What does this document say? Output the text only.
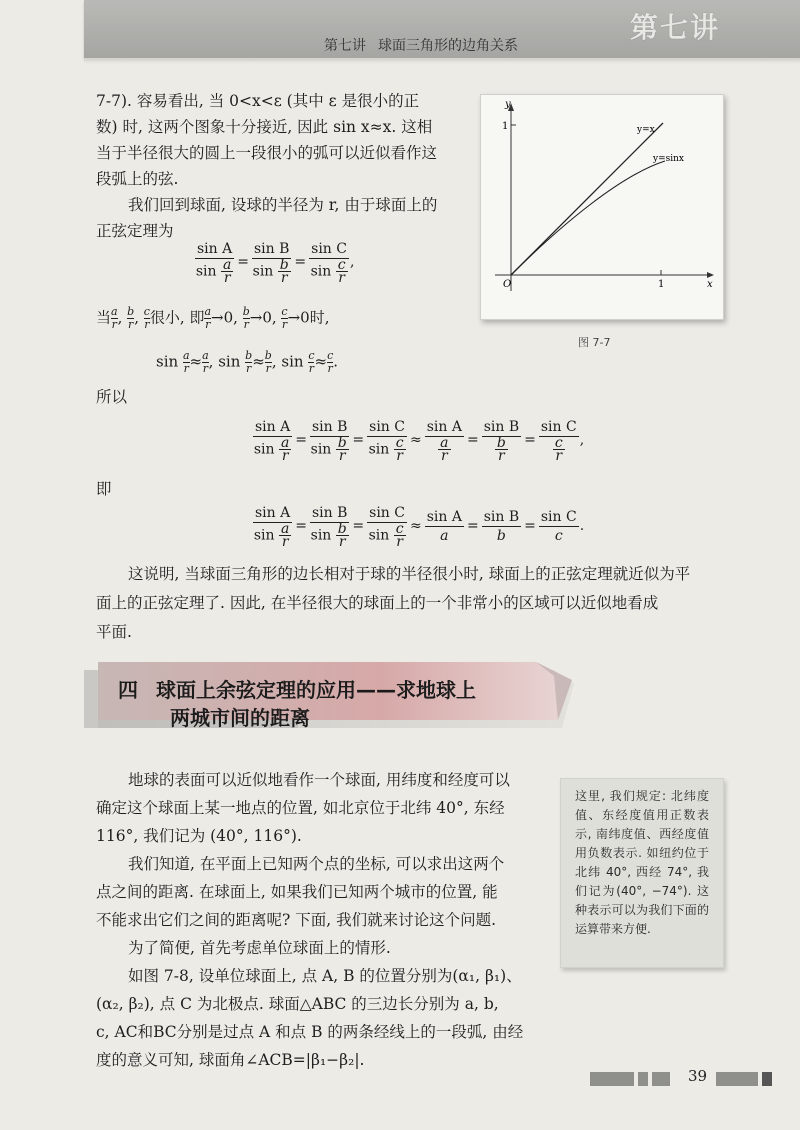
第七讲 球面三角形的边角关系
第七讲
7-7). 容易看出, 当 0<x<ε (其中 ε 是很小的正
数) 时, 这两个图象十分接近, 因此 sin x≈x. 这相
当于半径很大的圆上一段很小的弧可以近似看作这
段弧上的弦.
我们回到球面, 设球的半径为 r, 由于球面上的
正弦定理为
$\frac{\text{sin A}}{\sin \frac{a}{r}} = \frac{\text{sin B}}{\sin \frac{b}{r}} = \frac{\text{sin C}}{\sin \frac{c}{r}}$ ,
当 $\frac{a}{r}$ , $\frac{b}{r}$ , $\frac{c}{r}$ 很小, 即 $\frac{a}{r} \to 0$, $\frac{b}{r} \to 0$, $\frac{c}{r} \to 0$时,
$\sin \frac{a}{r} \approx \frac{a}{r}$ , $\sin \frac{b}{r} \approx \frac{b}{r}$ , $\sin \frac{c}{r} \approx \frac{c}{r}$ .
所以
$\frac{\text{sin A}}{\sin \frac{a}{r}} = \frac{\text{sin B}}{\sin \frac{b}{r}} = \frac{\text{sin C}}{\sin \frac{c}{r}} \approx \frac{\text{sin A}}{\frac{a}{r}} = \frac{\text{sin B}}{\frac{b}{r}} = \frac{\text{sin C}}{\frac{c}{r}}$ ,
即
$\frac{\text{sin A}}{\sin \frac{a}{r}} = \frac{\text{sin B}}{\sin \frac{b}{r}} = \frac{\text{sin C}}{\sin \frac{c}{r}} \approx \frac{\text{sin A}}{a} = \frac{\text{sin B}}{b} = \frac{\text{sin C}}{c}$ .
这说明, 当球面三角形的边长相对于球的半径很小时, 球面上的正弦定理就近似为平
面上的正弦定理了. 因此, 在半径很大的球面上的一个非常小的区域可以近似地看成
平面.
y
x
O
1
1
y=x
y=sinx
图 7-7
四 球面上余弦定理的应用——求地球上
两城市间的距离
地球的表面可以近似地看作一个球面, 用纬度和经度可以
确定这个球面上某一地点的位置, 如北京位于北纬 40°, 东经
116°, 我们记为 (40°, 116°).
我们知道, 在平面上已知两个点的坐标, 可以求出这两个
点之间的距离. 在球面上, 如果我们已知两个城市的位置, 能
不能求出它们之间的距离呢? 下面, 我们就来讨论这个问题.
为了简便, 首先考虑单位球面上的情形.
如图 7-8, 设单位球面上, 点 A, B 的位置分别为(α₁, β₁)、
(α₂, β₂), 点 C 为北极点. 球面△ABC 的三边长分别为 a, b,
c, AC和BC分别是过点 A 和点 B 的两条经线上的一段弧, 由经
度的意义可知, 球面角∠ACB=|β₁−β₂|.
这里, 我们规定: 北纬度值、东经度值用正数表示, 南纬度值、西经度值用负数表示. 如纽约位于北纬 40°, 西经 74°, 我们记为(40°, −74°). 这种表示可以为我们下面的运算带来方便.
39
